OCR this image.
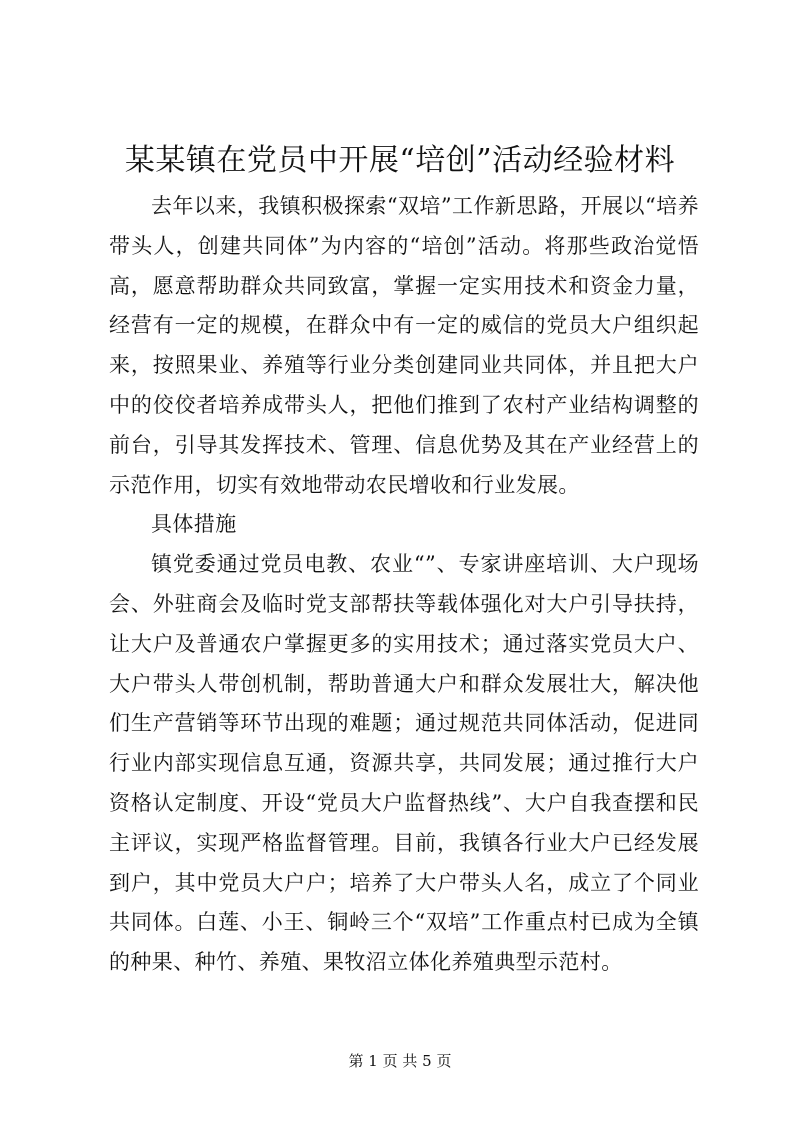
某某镇在党员中开展“培创”活动经验材料

去年以来，我镇积极探索“双培”工作新思路，开展以“培养带头人，创建共同体”为内容的“培创”活动。将那些政治觉悟高，愿意帮助群众共同致富，掌握一定实用技术和资金力量，经营有一定的规模，在群众中有一定的威信的党员大户组织起来，按照果业、养殖等行业分类创建同业共同体，并且把大户中的佼佼者培养成带头人，把他们推到了农村产业结构调整的前台，引导其发挥技术、管理、信息优势及其在产业经营上的示范作用，切实有效地带动农民增收和行业发展。

具体措施

镇党委通过党员电教、农业“”、专家讲座培训、大户现场会、外驻商会及临时党支部帮扶等载体强化对大户引导扶持，让大户及普通农户掌握更多的实用技术；通过落实党员大户、大户带头人带创机制，帮助普通大户和群众发展壮大，解决他们生产营销等环节出现的难题；通过规范共同体活动，促进同行业内部实现信息互通，资源共享，共同发展；通过推行大户资格认定制度、开设“党员大户监督热线”、大户自我查摆和民主评议，实现严格监督管理。目前，我镇各行业大户已经发展到户，其中党员大户户；培养了大户带头人名，成立了个同业共同体。白莲、小王、铜岭三个“双培”工作重点村已成为全镇的种果、种竹、养殖、果牧沼立体化养殖典型示范村。

第 1 页 共 5 页
